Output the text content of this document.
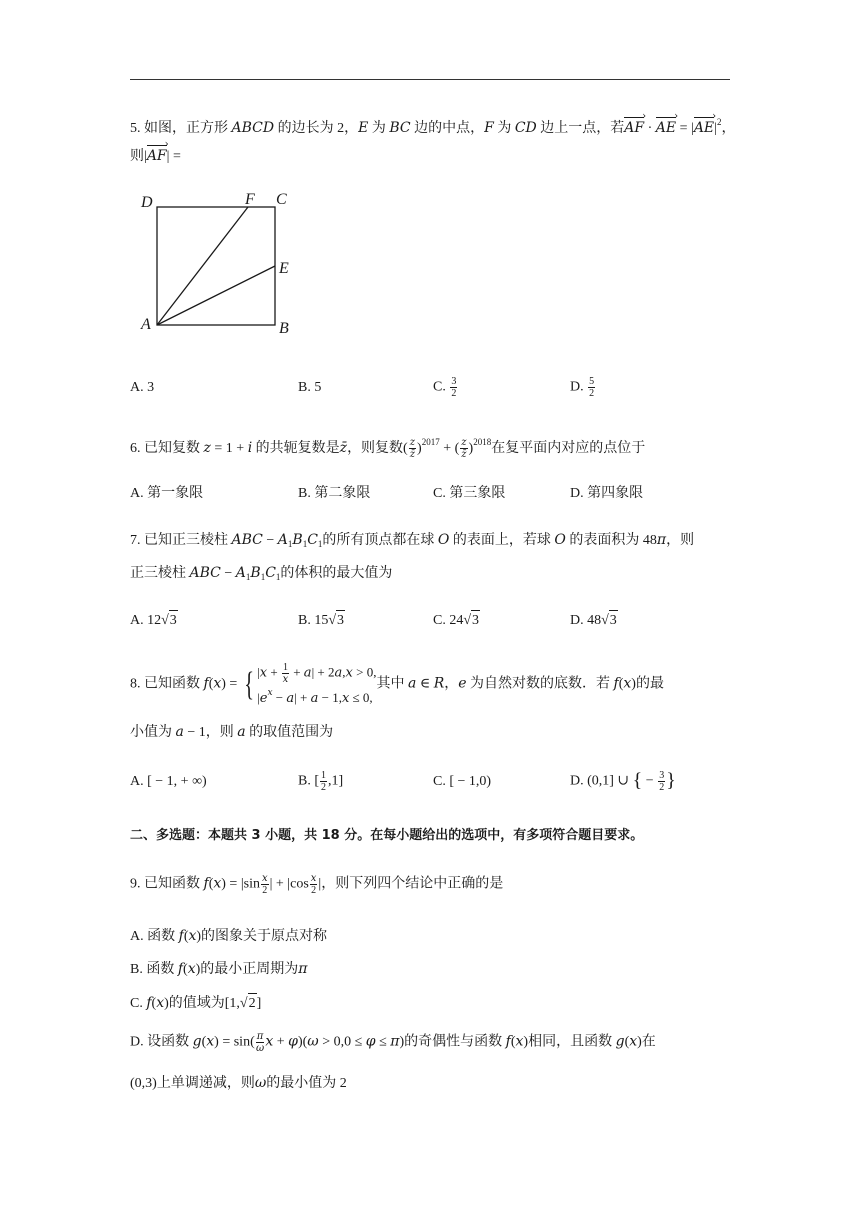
5. 如图，正方形 ABCD 的边长为 2，E 为 BC 边的中点，F 为 CD 边上一点，若AF › · AE › = |AE $›|^2$，
则|AF ›| =
D	F C
E
A	B
A. 3	B. 5	C. $\frac{3}{2}$	D. $\frac{5}{2}$
6. 已知复数 z = 1 + i 的共轭复数是z̄，则复数( $\frac{z}{z̄} )^{2017}$ + ( $\frac{z}{z̄} )^{2018}$在复平面内对应的点位于
A. 第一象限	B. 第二象限	C. 第三象限	D. 第四象限
7. 已知正三棱柱 ABC − $A_1B_1C_1$的所有顶点都在球 O 的表面上，若球 O 的表面积为 48π，则
正三棱柱 ABC − $A_1B_1C_1$的体积的最大值为
A. 12√3	B. 15√3	C. 24√3	D. 48√3
8. 已知函数 f(x) = { $|x + \frac{1}{x} + a| + 2a,x > 0$,
$|e^x - a| + a - 1,x \le 0$,
其中 a ∈ R，e 为自然对数的底数．若 f(x)的最
小值为 a − 1，则 a 的取值范围为
A. [ − 1, + ∞)	B. [ $\frac{1}{2} ,1$]	C. [ − 1,0)	D. (0,1] ∪ { − $\frac{3}{2}$ }
二、多选题：本题共 3 小题，共 18 分。在每小题给出的选项中，有多项符合题目要求。
9. 已知函数 $f(x) = |\sin \frac{x}{2}$ | + $|\cos \frac{x}{2}$ |，则下列四个结论中正确的是
A. 函数 f(x)的图象关于原点对称
B. 函数 f(x)的最小正周期为π
C. f(x)的值域为[1,√2]
D. 设函数 $g(x) = \sin( \frac{\pi}{\omega}$ x + φ)(ω > 0,0 ≤ φ ≤ π)的奇偶性与函数 f(x)相同，且函数 g(x)在
(0,3)上单调递减，则ω的最小值为 2
